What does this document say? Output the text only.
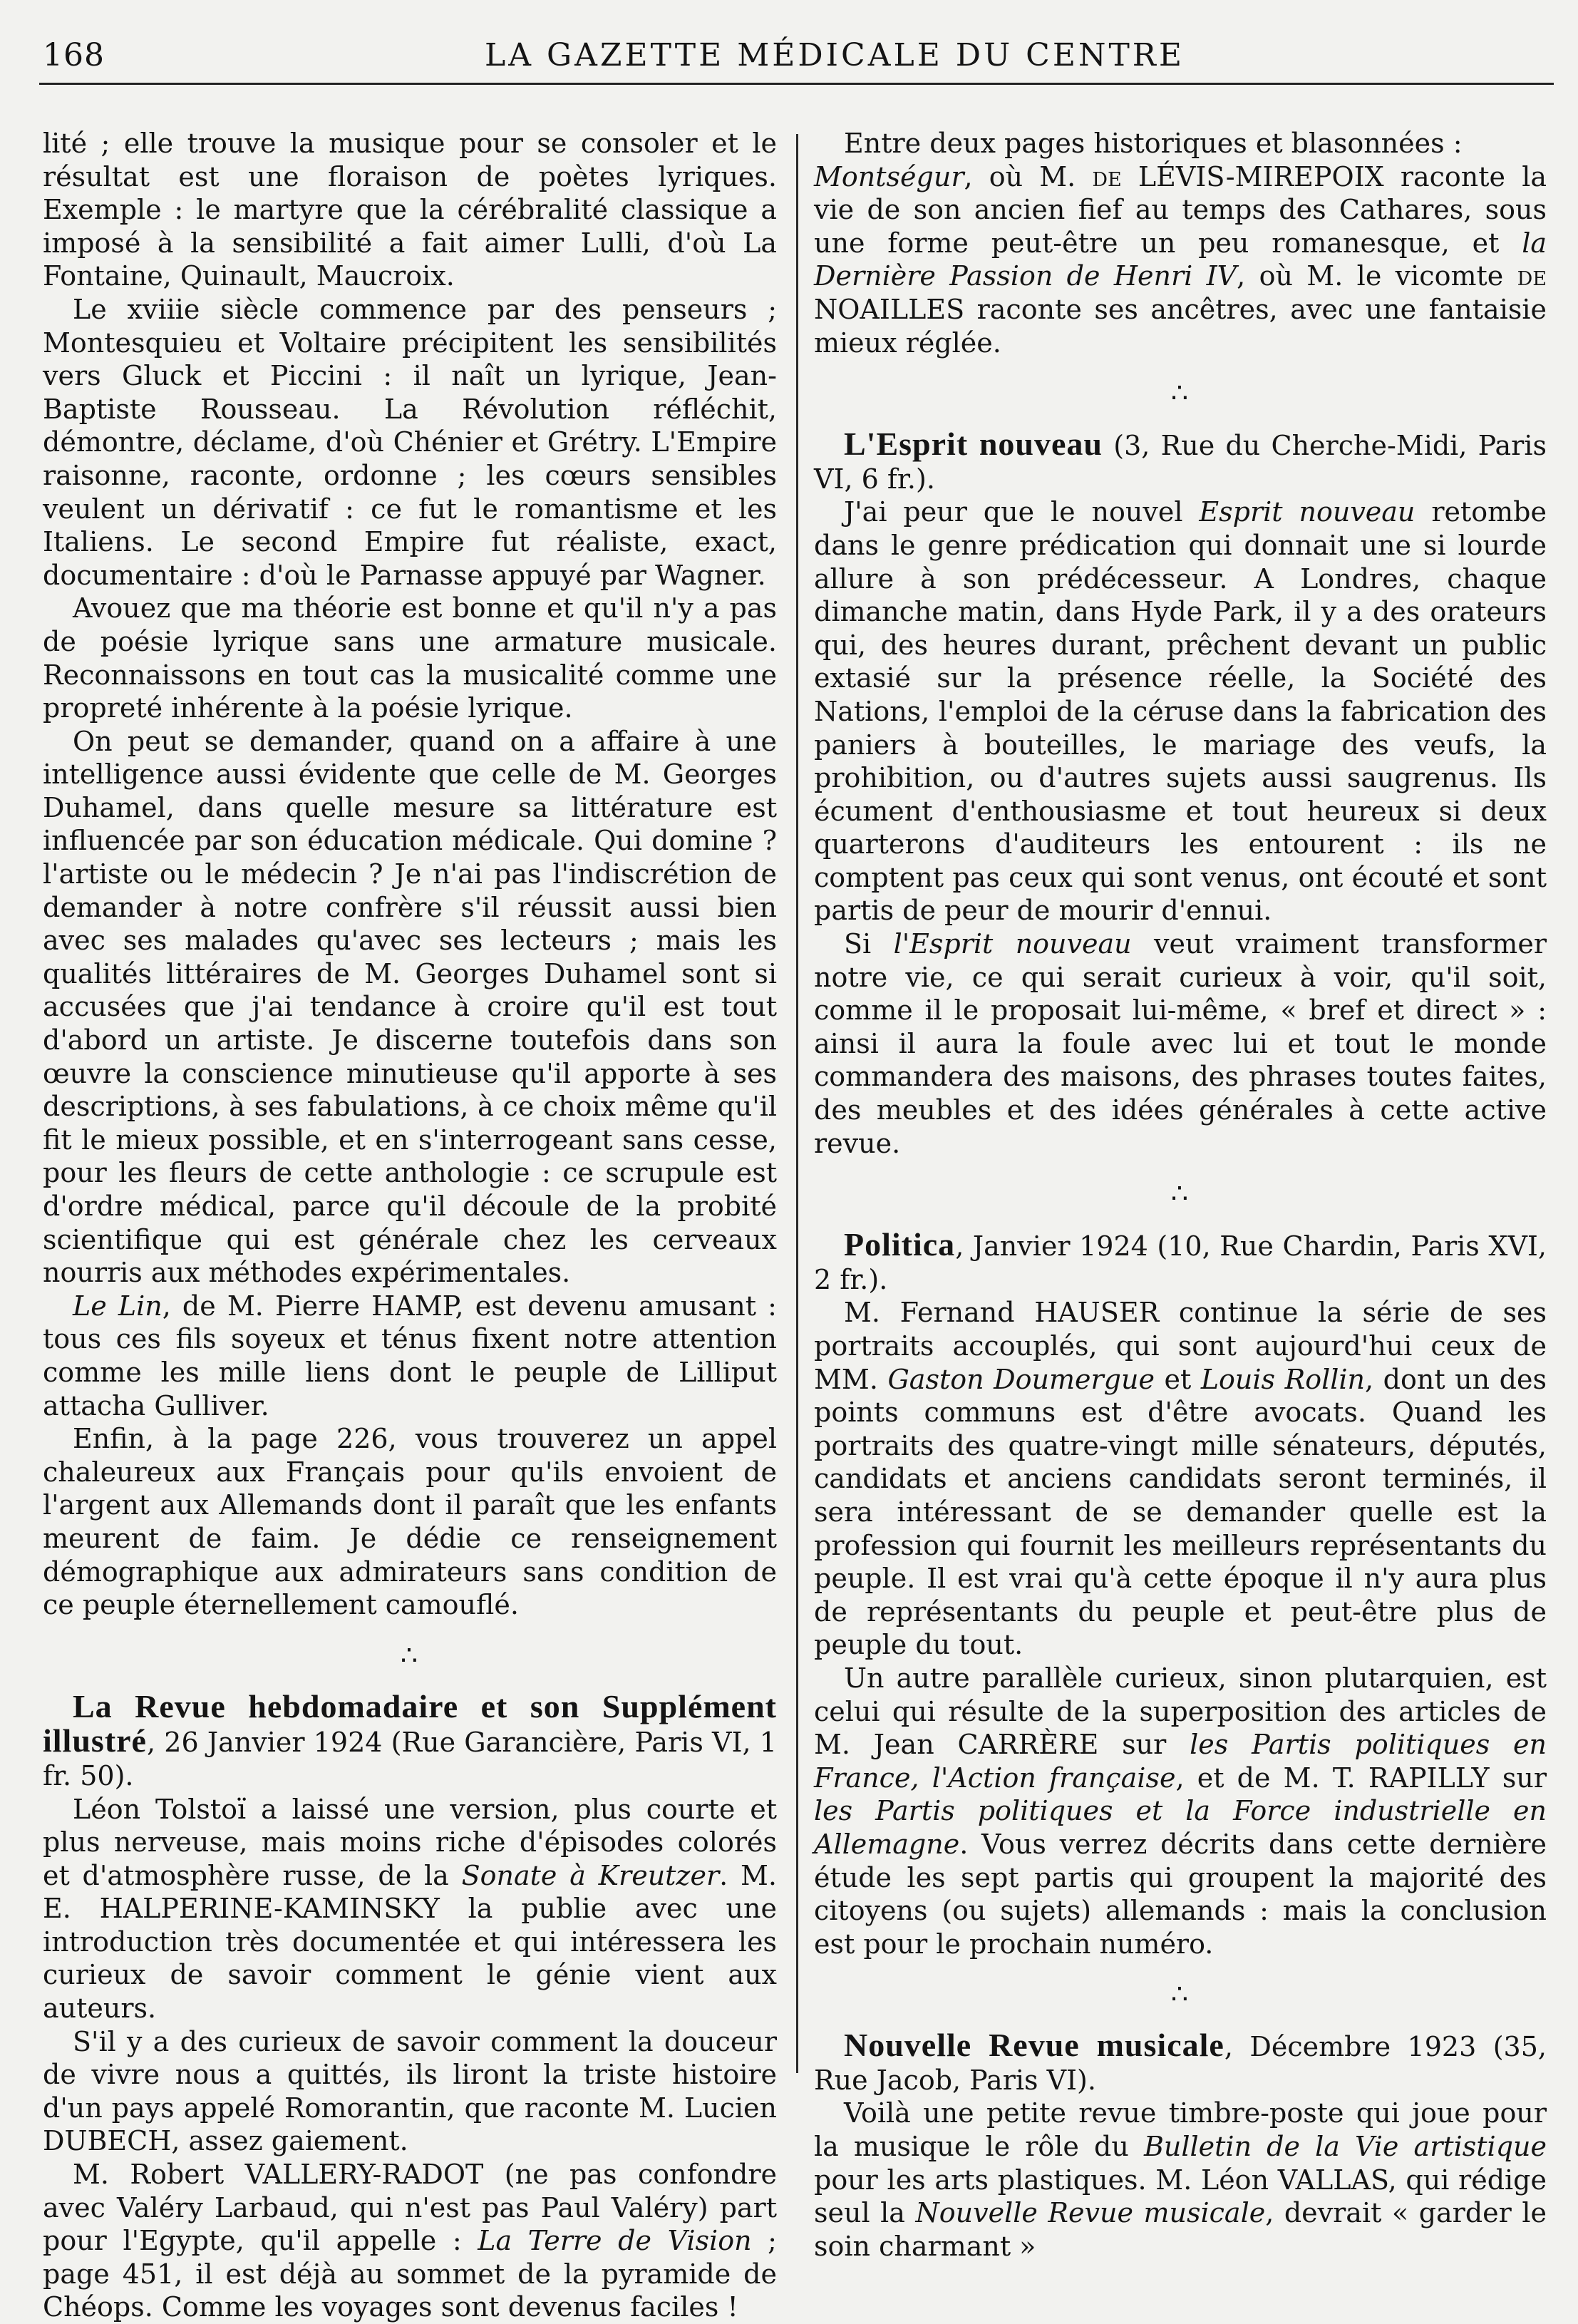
168	LA GAZETTE MÉDICALE DU CENTRE

lité ; elle trouve la musique pour se consoler et le résultat est une floraison de poètes lyriques. Exemple : le martyre que la cérébralité classique a imposé à la sensibilité a fait aimer Lulli, d'où La Fontaine, Quinault, Maucroix.

Le xviiie siècle commence par des penseurs ; Montesquieu et Voltaire précipitent les sensibilités vers Gluck et Piccini : il naît un lyrique, Jean-Baptiste Rousseau. La Révolution réfléchit, démontre, déclame, d'où Chénier et Grétry. L'Empire raisonne, raconte, ordonne ; les cœurs sensibles veulent un dérivatif : ce fut le romantisme et les Italiens. Le second Empire fut réaliste, exact, documentaire : d'où le Parnasse appuyé par Wagner.

Avouez que ma théorie est bonne et qu'il n'y a pas de poésie lyrique sans une armature musicale. Reconnaissons en tout cas la musicalité comme une propreté inhérente à la poésie lyrique.

On peut se demander, quand on a affaire à une intelligence aussi évidente que celle de M. Georges Duhamel, dans quelle mesure sa littérature est influencée par son éducation médicale. Qui domine ? l'artiste ou le médecin ? Je n'ai pas l'indiscrétion de demander à notre confrère s'il réussit aussi bien avec ses malades qu'avec ses lecteurs ; mais les qualités littéraires de M. Georges Duhamel sont si accusées que j'ai tendance à croire qu'il est tout d'abord un artiste. Je discerne toutefois dans son œuvre la conscience minutieuse qu'il apporte à ses descriptions, à ses fabulations, à ce choix même qu'il fit le mieux possible, et en s'interrogeant sans cesse, pour les fleurs de cette anthologie : ce scrupule est d'ordre médical, parce qu'il découle de la probité scientifique qui est générale chez les cerveaux nourris aux méthodes expérimentales.

Le Lin, de M. Pierre HAMP, est devenu amusant : tous ces fils soyeux et ténus fixent notre attention comme les mille liens dont le peuple de Lilliput attacha Gulliver.

Enfin, à la page 226, vous trouverez un appel chaleureux aux Français pour qu'ils envoient de l'argent aux Allemands dont il paraît que les enfants meurent de faim. Je dédie ce renseignement démographique aux admirateurs sans condition de ce peuple éternellement camouflé.

∴

La Revue hebdomadaire et son Supplément illustré, 26 Janvier 1924 (Rue Garancière, Paris VI, 1 fr. 50).

Léon Tolstoï a laissé une version, plus courte et plus nerveuse, mais moins riche d'épisodes colorés et d'atmosphère russe, de la Sonate à Kreutzer. M. E. HALPERINE-KAMINSKY la publie avec une introduction très documentée et qui intéressera les curieux de savoir comment le génie vient aux auteurs.

S'il y a des curieux de savoir comment la douceur de vivre nous a quittés, ils liront la triste histoire d'un pays appelé Romorantin, que raconte M. Lucien DUBECH, assez gaiement.

M. Robert VALLERY-RADOT (ne pas confondre avec Valéry Larbaud, qui n'est pas Paul Valéry) part pour l'Egypte, qu'il appelle : La Terre de Vision ; page 451, il est déjà au sommet de la pyramide de Chéops. Comme les voyages sont devenus faciles !

Entre deux pages historiques et blasonnées :

Montségur, où M. de LÉVIS-MIREPOIX raconte la vie de son ancien fief au temps des Cathares, sous une forme peut-être un peu romanesque, et la Dernière Passion de Henri IV, où M. le vicomte de NOAILLES raconte ses ancêtres, avec une fantaisie mieux réglée.

∴

L'Esprit nouveau (3, Rue du Cherche-Midi, Paris VI, 6 fr.).

J'ai peur que le nouvel Esprit nouveau retombe dans le genre prédication qui donnait une si lourde allure à son prédécesseur. A Londres, chaque dimanche matin, dans Hyde Park, il y a des orateurs qui, des heures durant, prêchent devant un public extasié sur la présence réelle, la Société des Nations, l'emploi de la céruse dans la fabrication des paniers à bouteilles, le mariage des veufs, la prohibition, ou d'autres sujets aussi saugrenus. Ils écument d'enthousiasme et tout heureux si deux quarterons d'auditeurs les entourent : ils ne comptent pas ceux qui sont venus, ont écouté et sont partis de peur de mourir d'ennui.

Si l'Esprit nouveau veut vraiment transformer notre vie, ce qui serait curieux à voir, qu'il soit, comme il le proposait lui-même, « bref et direct » : ainsi il aura la foule avec lui et tout le monde commandera des maisons, des phrases toutes faites, des meubles et des idées générales à cette active revue.

∴

Politica, Janvier 1924 (10, Rue Chardin, Paris XVI, 2 fr.).

M. Fernand HAUSER continue la série de ses portraits accouplés, qui sont aujourd'hui ceux de MM. Gaston Doumergue et Louis Rollin, dont un des points communs est d'être avocats. Quand les portraits des quatre-vingt mille sénateurs, députés, candidats et anciens candidats seront terminés, il sera intéressant de se demander quelle est la profession qui fournit les meilleurs représentants du peuple. Il est vrai qu'à cette époque il n'y aura plus de représentants du peuple et peut-être plus de peuple du tout.

Un autre parallèle curieux, sinon plutarquien, est celui qui résulte de la superposition des articles de M. Jean CARRÈRE sur les Partis politiques en France, l'Action française, et de M. T. RAPILLY sur les Partis politiques et la Force industrielle en Allemagne. Vous verrez décrits dans cette dernière étude les sept partis qui groupent la majorité des citoyens (ou sujets) allemands : mais la conclusion est pour le prochain numéro.

∴

Nouvelle Revue musicale, Décembre 1923 (35, Rue Jacob, Paris VI).

Voilà une petite revue timbre-poste qui joue pour la musique le rôle du Bulletin de la Vie artistique pour les arts plastiques. M. Léon VALLAS, qui rédige seul la Nouvelle Revue musicale, devrait « garder le soin charmant »
